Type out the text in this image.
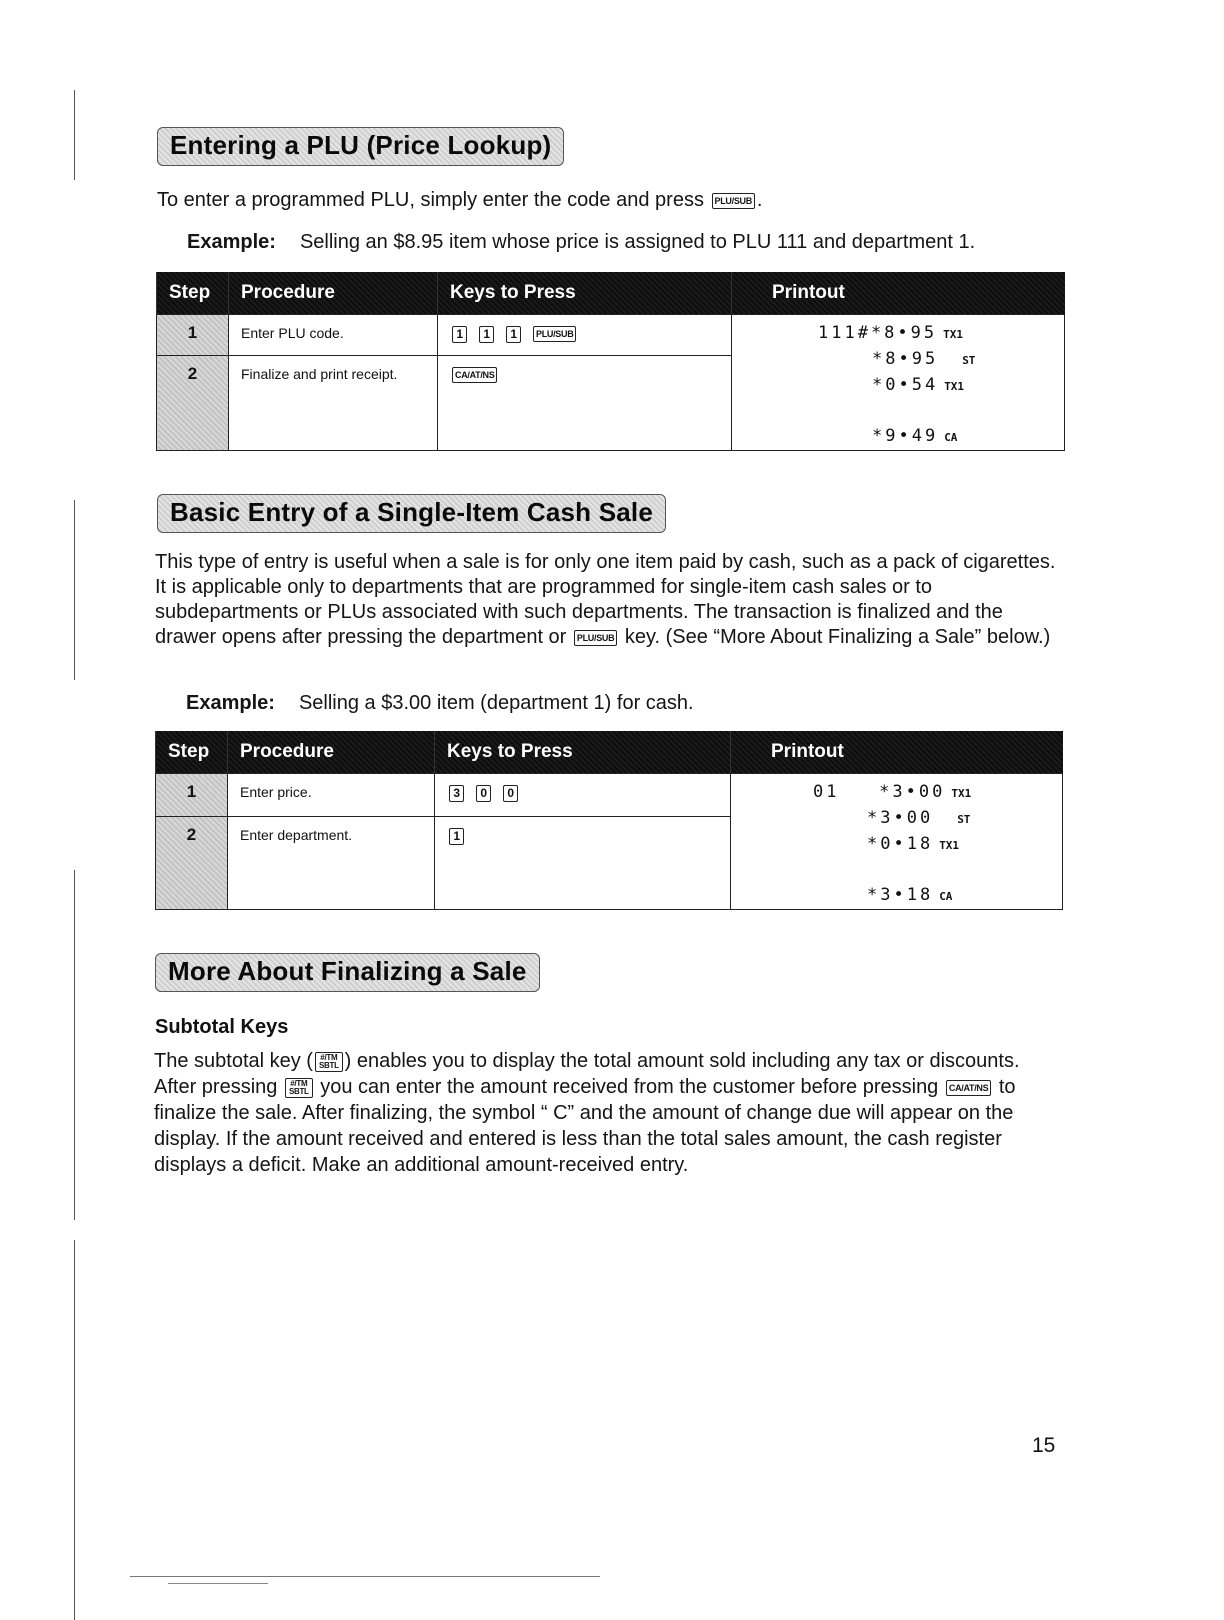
Entering a PLU (Price Lookup)
To enter a programmed PLU, simply enter the code and press PLU/SUB .
Example: Selling an $8.95 item whose price is assigned to PLU 111 and department 1.
Step	Procedure	Keys to Press	Printout
1	Enter PLU code.	1 1 1 PLU/SUB	111#*8•95 TX1
*8•95 ST
*0•54 TX1

*9•49 CA

2	Finalize and print receipt.	CA/AT/NS	
Basic Entry of a Single-Item Cash Sale
This type of entry is useful when a sale is for only one item paid by cash, such as a pack of cigarettes. It is applicable only to departments that are programmed for single-item cash sales or to subdepartments or PLUs associated with such departments. The transaction is finalized and the drawer opens after pressing the department or PLU/SUB key. (See “More About Finalizing a Sale” below.)
Example: Selling a $3.00 item (department 1) for cash.
Step	Procedure	Keys to Press	Printout
1	Enter price.	3 0 0	01   *3•00 TX1
*3•00 ST
*0•18 TX1

*3•18 CA

2	Enter department.	1	
More About Finalizing a Sale
Subtotal Keys
The subtotal key ( #/TM
SBTL ) enables you to display the total amount sold including any tax or discounts. After pressing #/TM
SBTL you can enter the amount received from the customer before pressing CA/AT/NS to finalize the sale. After finalizing, the symbol “ C” and the amount of change due will appear on the display. If the amount received and entered is less than the total sales amount, the cash register displays a deficit. Make an additional amount-received entry.
15
